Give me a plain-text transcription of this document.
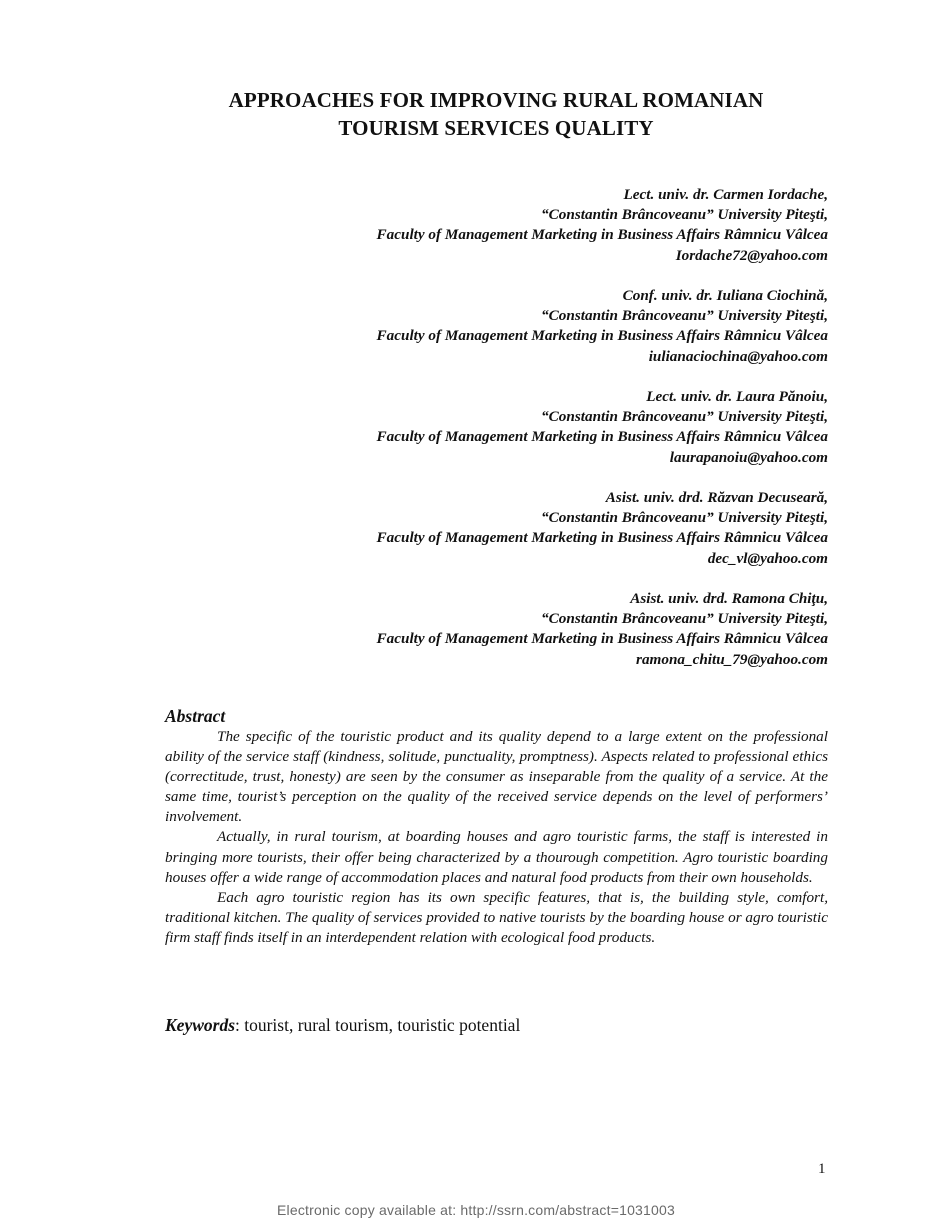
APPROACHES FOR IMPROVING RURAL ROMANIAN
TOURISM SERVICES QUALITY
Lect. univ. dr. Carmen Iordache,
“Constantin Brâncoveanu” University Piteşti,
Faculty of Management Marketing in Business Affairs Râmnicu Vâlcea
Iordache72@yahoo.com
Conf. univ. dr. Iuliana Ciochină,
“Constantin Brâncoveanu” University Piteşti,
Faculty of Management Marketing in Business Affairs Râmnicu Vâlcea
iulianaciochina@yahoo.com
Lect. univ. dr. Laura Pănoiu,
“Constantin Brâncoveanu” University Piteşti,
Faculty of Management Marketing in Business Affairs Râmnicu Vâlcea
laurapanoiu@yahoo.com
Asist. univ. drd. Răzvan Decuseară,
“Constantin Brâncoveanu” University Piteşti,
Faculty of Management Marketing in Business Affairs Râmnicu Vâlcea
dec_vl@yahoo.com
Asist. univ. drd. Ramona Chiţu,
“Constantin Brâncoveanu” University Piteşti,
Faculty of Management Marketing in Business Affairs Râmnicu Vâlcea
ramona_chitu_79@yahoo.com
Abstract

The specific of the touristic product and its quality depend to a large extent on the professional ability of the service staff (kindness, solitude, punctuality, promptness). Aspects related to professional ethics (correctitude, trust, honesty) are seen by the consumer as inseparable from the quality of a service. At the same time, tourist’s perception on the quality of the received service depends on the level of performers’ involvement.

Actually, in rural tourism, at boarding houses and agro touristic farms, the staff is interested in bringing more tourists, their offer being characterized by a thourough competition. Agro touristic boarding houses offer a wide range of accommodation places and natural food products from their own households.

Each agro touristic region has its own specific features, that is, the building style, comfort, traditional kitchen. The quality of services provided to native tourists by the boarding house or agro touristic firm staff finds itself in an interdependent relation with ecological food products.

Keywords: tourist, rural tourism, touristic potential
1
Electronic copy available at: http://ssrn.com/abstract=1031003
